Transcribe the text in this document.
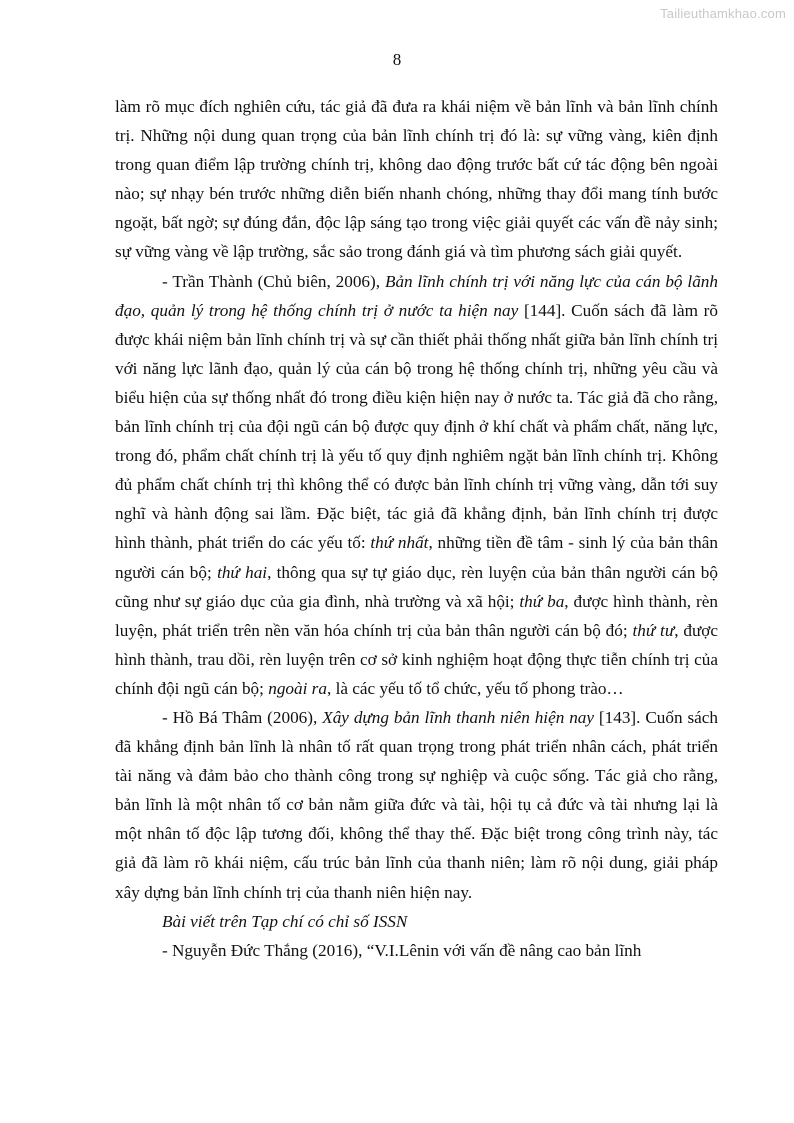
Tailieuthamkhao.com
8

làm rõ mục đích nghiên cứu, tác giả đã đưa ra khái niệm về bản lĩnh và bản lĩnh chính trị. Những nội dung quan trọng của bản lĩnh chính trị đó là: sự vững vàng, kiên định trong quan điểm lập trường chính trị, không dao động trước bất cứ tác động bên ngoài nào; sự nhạy bén trước những diễn biến nhanh chóng, những thay đổi mang tính bước ngoặt, bất ngờ; sự đúng đắn, độc lập sáng tạo trong việc giải quyết các vấn đề nảy sinh; sự vững vàng về lập trường, sắc sảo trong đánh giá và tìm phương sách giải quyết.

- Trần Thành (Chủ biên, 2006), Bản lĩnh chính trị với năng lực của cán bộ lãnh đạo, quản lý trong hệ thống chính trị ở nước ta hiện nay [144]. Cuốn sách đã làm rõ được khái niệm bản lĩnh chính trị và sự cần thiết phải thống nhất giữa bản lĩnh chính trị với năng lực lãnh đạo, quản lý của cán bộ trong hệ thống chính trị, những yêu cầu và biểu hiện của sự thống nhất đó trong điều kiện hiện nay ở nước ta. Tác giả đã cho rằng, bản lĩnh chính trị của đội ngũ cán bộ được quy định ở khí chất và phẩm chất, năng lực, trong đó, phẩm chất chính trị là yếu tố quy định nghiêm ngặt bản lĩnh chính trị. Không đủ phẩm chất chính trị thì không thể có được bản lĩnh chính trị vững vàng, dẫn tới suy nghĩ và hành động sai lầm. Đặc biệt, tác giả đã khẳng định, bản lĩnh chính trị được hình thành, phát triển do các yếu tố: thứ nhất, những tiền đề tâm - sinh lý của bản thân người cán bộ; thứ hai, thông qua sự tự giáo dục, rèn luyện của bản thân người cán bộ cũng như sự giáo dục của gia đình, nhà trường và xã hội; thứ ba, được hình thành, rèn luyện, phát triển trên nền văn hóa chính trị của bản thân người cán bộ đó; thứ tư, được hình thành, trau dồi, rèn luyện trên cơ sở kinh nghiệm hoạt động thực tiễn chính trị của chính đội ngũ cán bộ; ngoài ra, là các yếu tố tổ chức, yếu tố phong trào…

- Hồ Bá Thâm (2006), Xây dựng bản lĩnh thanh niên hiện nay [143]. Cuốn sách đã khẳng định bản lĩnh là nhân tố rất quan trọng trong phát triển nhân cách, phát triển tài năng và đảm bảo cho thành công trong sự nghiệp và cuộc sống. Tác giả cho rằng, bản lĩnh là một nhân tố cơ bản nằm giữa đức và tài, hội tụ cả đức và tài nhưng lại là một nhân tố độc lập tương đối, không thể thay thế. Đặc biệt trong công trình này, tác giả đã làm rõ khái niệm, cấu trúc bản lĩnh của thanh niên; làm rõ nội dung, giải pháp xây dựng bản lĩnh chính trị của thanh niên hiện nay.

Bài viết trên Tạp chí có chỉ số ISSN

- Nguyễn Đức Thắng (2016), “V.I.Lênin với vấn đề nâng cao bản lĩnh
